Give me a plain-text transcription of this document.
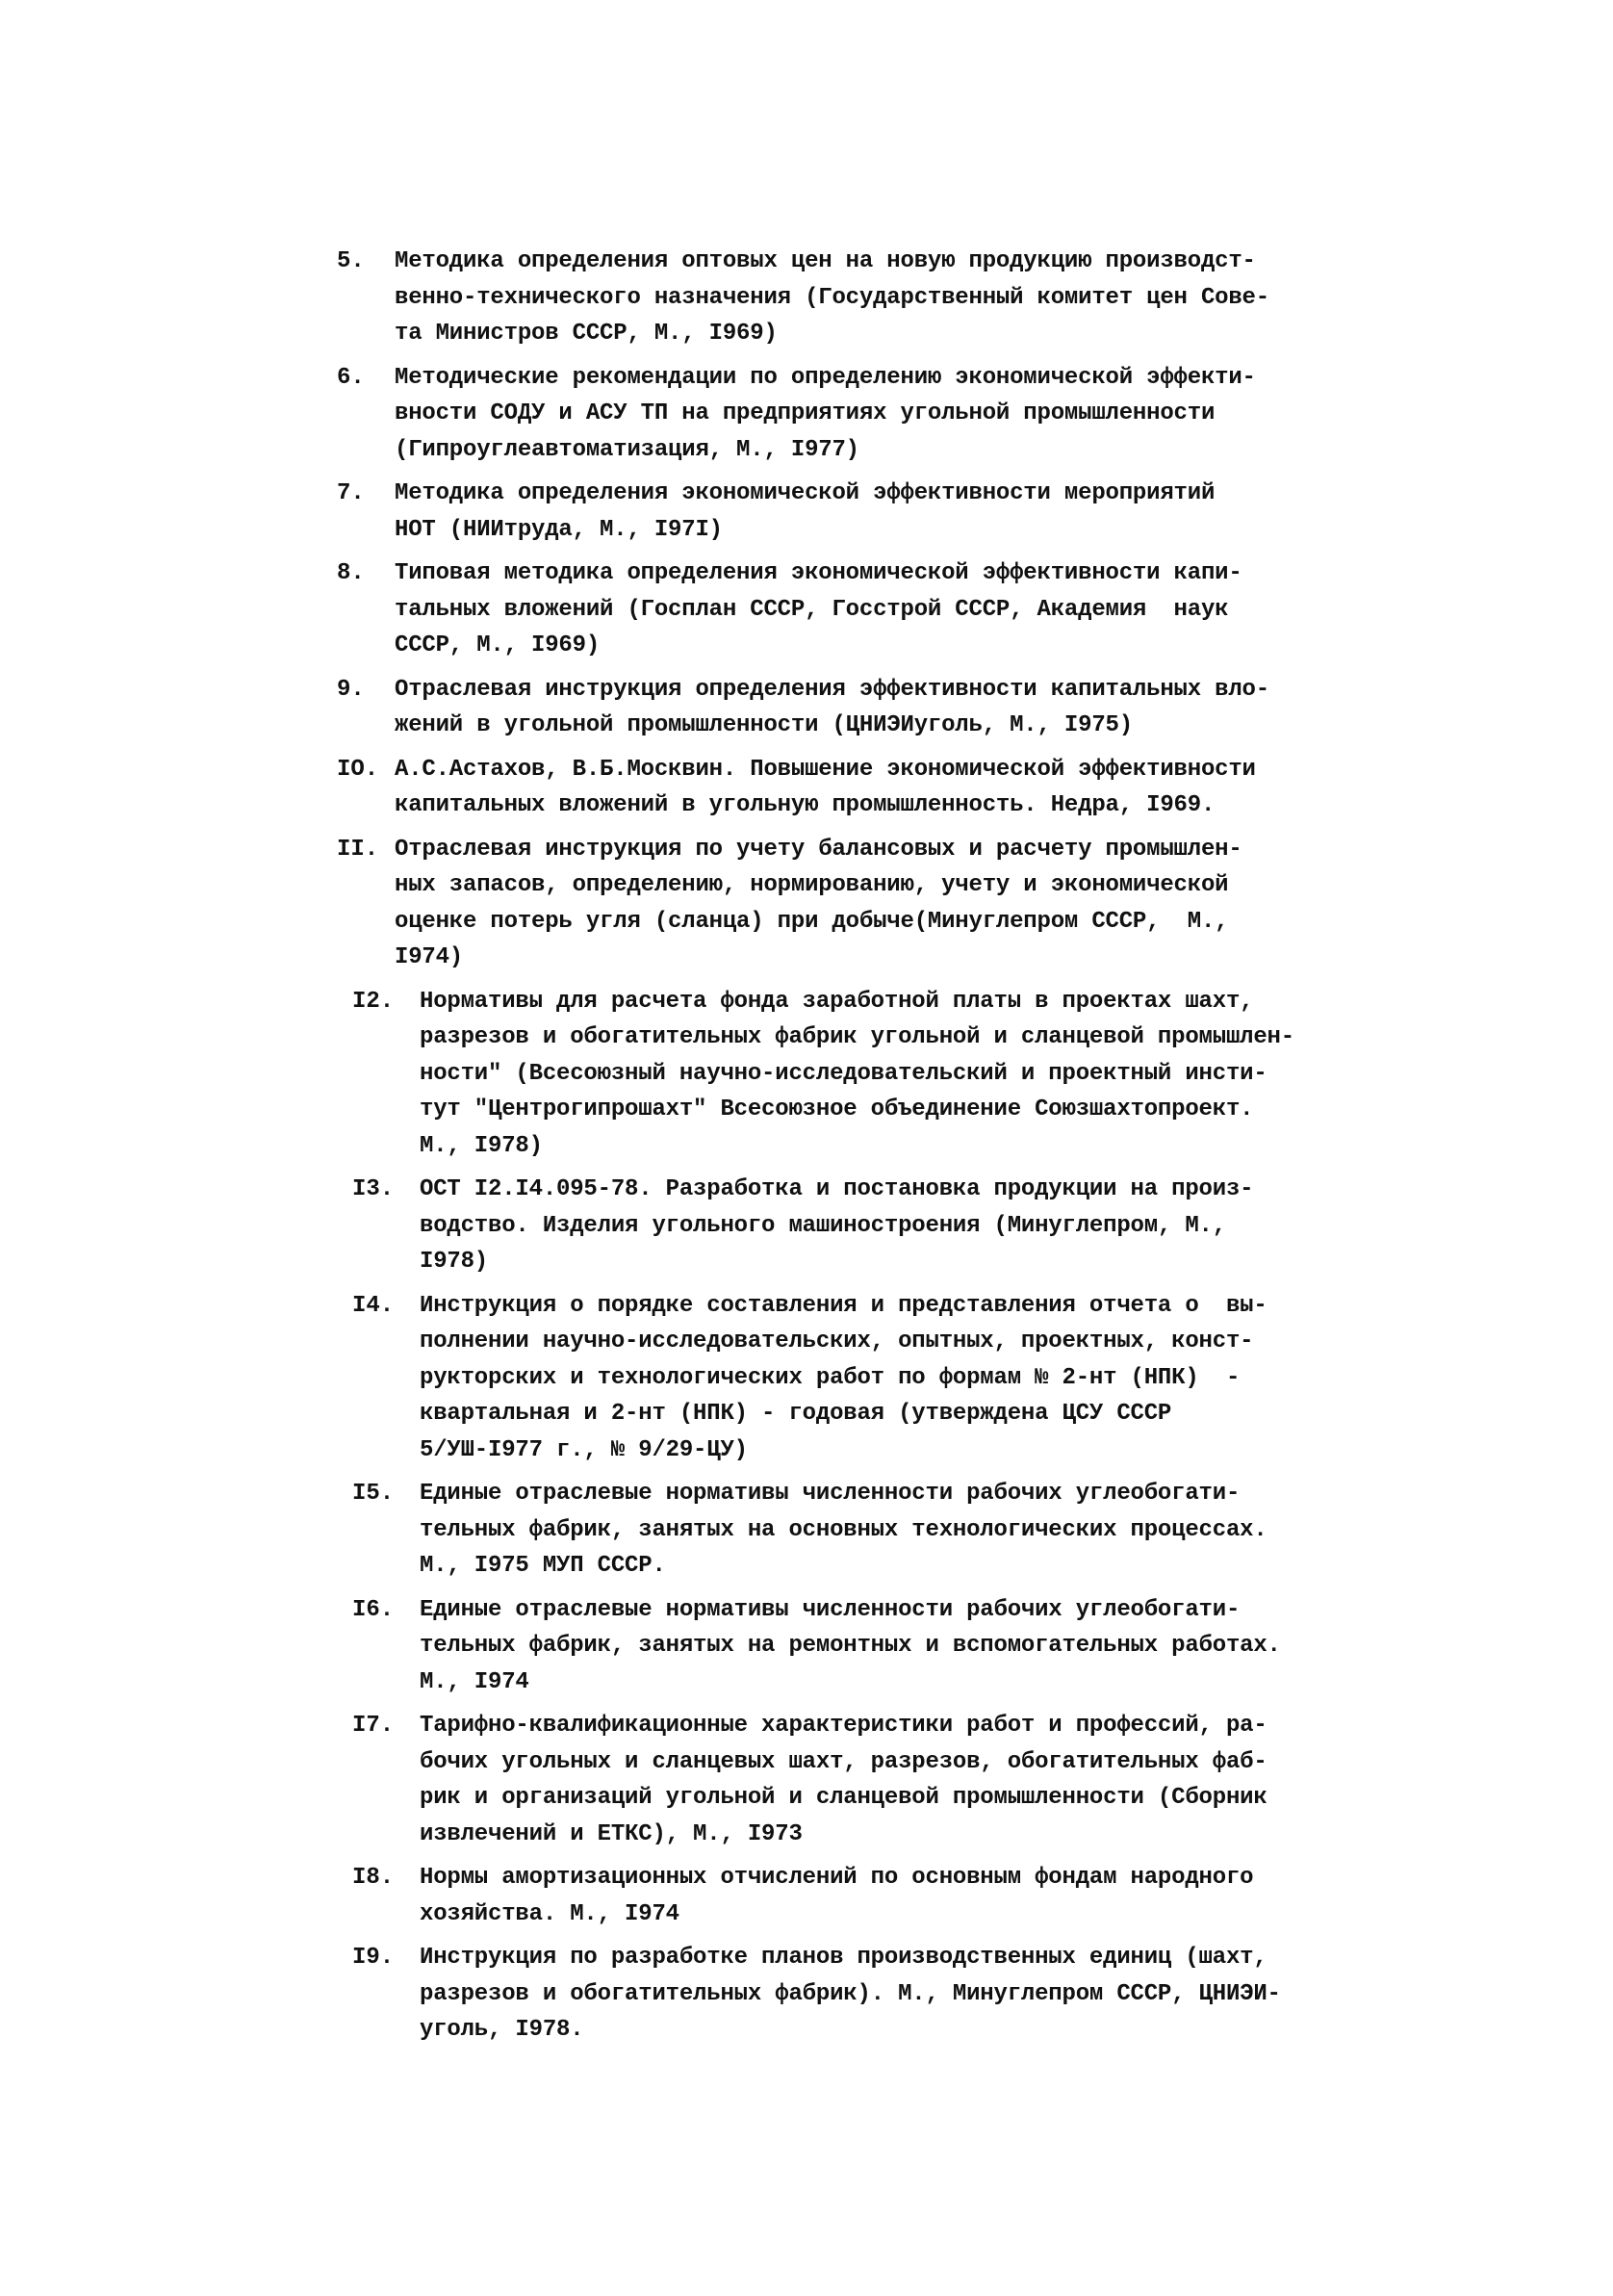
5. Методика определения оптовых цен на новую продукцию производст-
венно-технического назначения (Государственный комитет цен Сове-
та Министров СССР, М., I969)
6. Методические рекомендации по определению экономической эффекти-
вности СОДУ и АСУ ТП на предприятиях угольной промышленности
(Гипроуглеавтоматизация, М., I977)
7. Методика определения экономической эффективности мероприятий
НОТ (НИИтруда, М., I97I)
8. Типовая методика определения экономической эффективности капи-
тальных вложений (Госплан СССР, Госстрой СССР, Академия  наук
СССР, М., I969)
9. Отраслевая инструкция определения эффективности капитальных вло-
жений в угольной промышленности (ЦНИЭИуголь, М., I975)
IO. А.С.Астахов, В.Б.Москвин. Повышение экономической эффективности
капитальных вложений в угольную промышленность. Недра, I969.
II. Отраслевая инструкция по учету балансовых и расчету промышлен-
ных запасов, определению, нормированию, учету и экономической
оценке потерь угля (сланца) при добыче(Минуглепром СССР,  М.,
I974)
I2. Нормативы для расчета фонда заработной платы в проектах шахт,
разрезов и обогатительных фабрик угольной и сланцевой промышлен-
ности" (Всесоюзный научно-исследовательский и проектный инсти-
тут "Центрогипрошахт" Всесоюзное объединение Союзшахтопроект.
М., I978)
I3. ОСТ I2.I4.095-78. Разработка и постановка продукции на произ-
водство. Изделия угольного машиностроения (Минуглепром, М.,
I978)
I4. Инструкция о порядке составления и представления отчета о  вы-
полнении научно-исследовательских, опытных, проектных, конст-
рукторских и технологических работ по формам № 2-нт (НПК)  -
квартальная и 2-нт (НПК) - годовая (утверждена ЦСУ СССР
5/УШ-I977 г., № 9/29-ЦУ)
I5. Единые отраслевые нормативы численности рабочих углеобогати-
тельных фабрик, занятых на основных технологических процессах.
М., I975 МУП СССР.
I6. Единые отраслевые нормативы численности рабочих углеобогати-
тельных фабрик, занятых на ремонтных и вспомогательных работах.
М., I974
I7. Тарифно-квалификационные характеристики работ и профессий, ра-
бочих угольных и сланцевых шахт, разрезов, обогатительных фаб-
рик и организаций угольной и сланцевой промышленности (Сборник
извлечений и ЕТКС), М., I973
I8. Нормы амортизационных отчислений по основным фондам народного
хозяйства. М., I974
I9. Инструкция по разработке планов производственных единиц (шахт,
разрезов и обогатительных фабрик). М., Минуглепром СССР, ЦНИЭИ-
уголь, I978.
